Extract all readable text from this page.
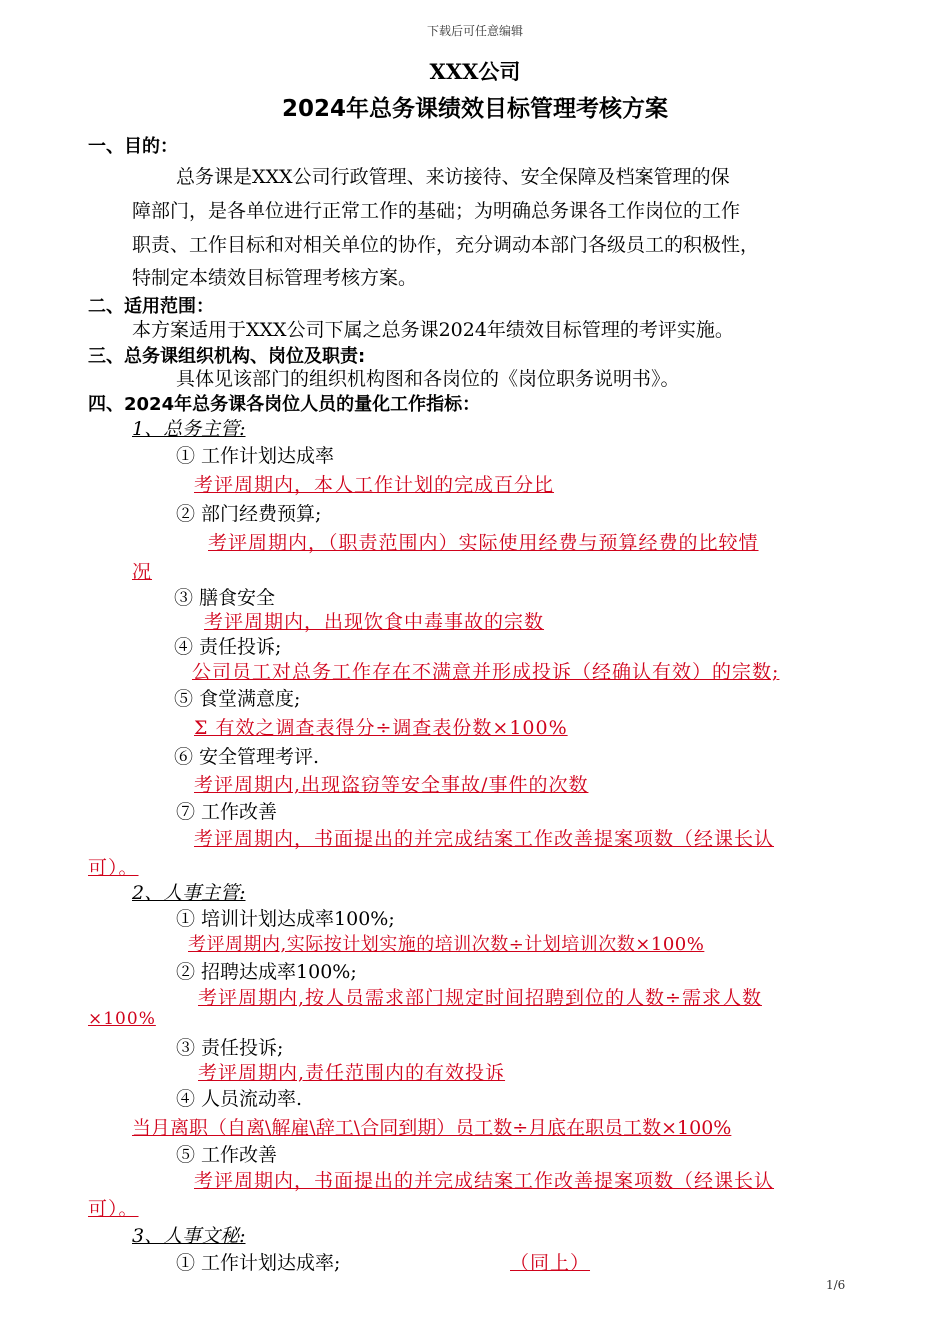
下载后可任意编辑
XXX公司
2024年总务课绩效目标管理考核方案
一、目的：
总务课是XXX公司行政管理、来访接待、安全保障及档案管理的保
障部门，是各单位进行正常工作的基础；为明确总务课各工作岗位的工作
职责、工作目标和对相关单位的协作，充分调动本部门各级员工的积极性，
特制定本绩效目标管理考核方案。
二、适用范围：
本方案适用于XXX公司下属之总务课2024年绩效目标管理的考评实施。
三、总务课组织机构、岗位及职责:
具体见该部门的组织机构图和各岗位的《岗位职务说明书》。
四、2024年总务课各岗位人员的量化工作指标：
1、总务主管:
① 工作计划达成率
考评周期内，本人工作计划的完成百分比
② 部门经费预算;
考评周期内，（职责范围内）实际使用经费与预算经费的比较情
况
③ 膳食安全
考评周期内，出现饮食中毒事故的宗数
④ 责任投诉;
公司员工对总务工作存在不满意并形成投诉（经确认有效）的宗数;
⑤ 食堂满意度;
Σ 有效之调查表得分÷调查表份数×100%
⑥ 安全管理考评.
考评周期内,出现盗窃等安全事故/事件的次数
⑦ 工作改善
考评周期内，书面提出的并完成结案工作改善提案项数（经课长认
可）。
2、人事主管:
① 培训计划达成率100%;
考评周期内,实际按计划实施的培训次数÷计划培训次数×100%
② 招聘达成率100%;
考评周期内,按人员需求部门规定时间招聘到位的人数÷需求人数
×100%
③ 责任投诉;
考评周期内,责任范围内的有效投诉
④ 人员流动率.
当月离职（自离\解雇\辞工\合同到期）员工数÷月底在职员工数×100%
⑤ 工作改善
考评周期内，书面提出的并完成结案工作改善提案项数（经课长认
可）。
3、人事文秘:
① 工作计划达成率;	（同上）
1/6
